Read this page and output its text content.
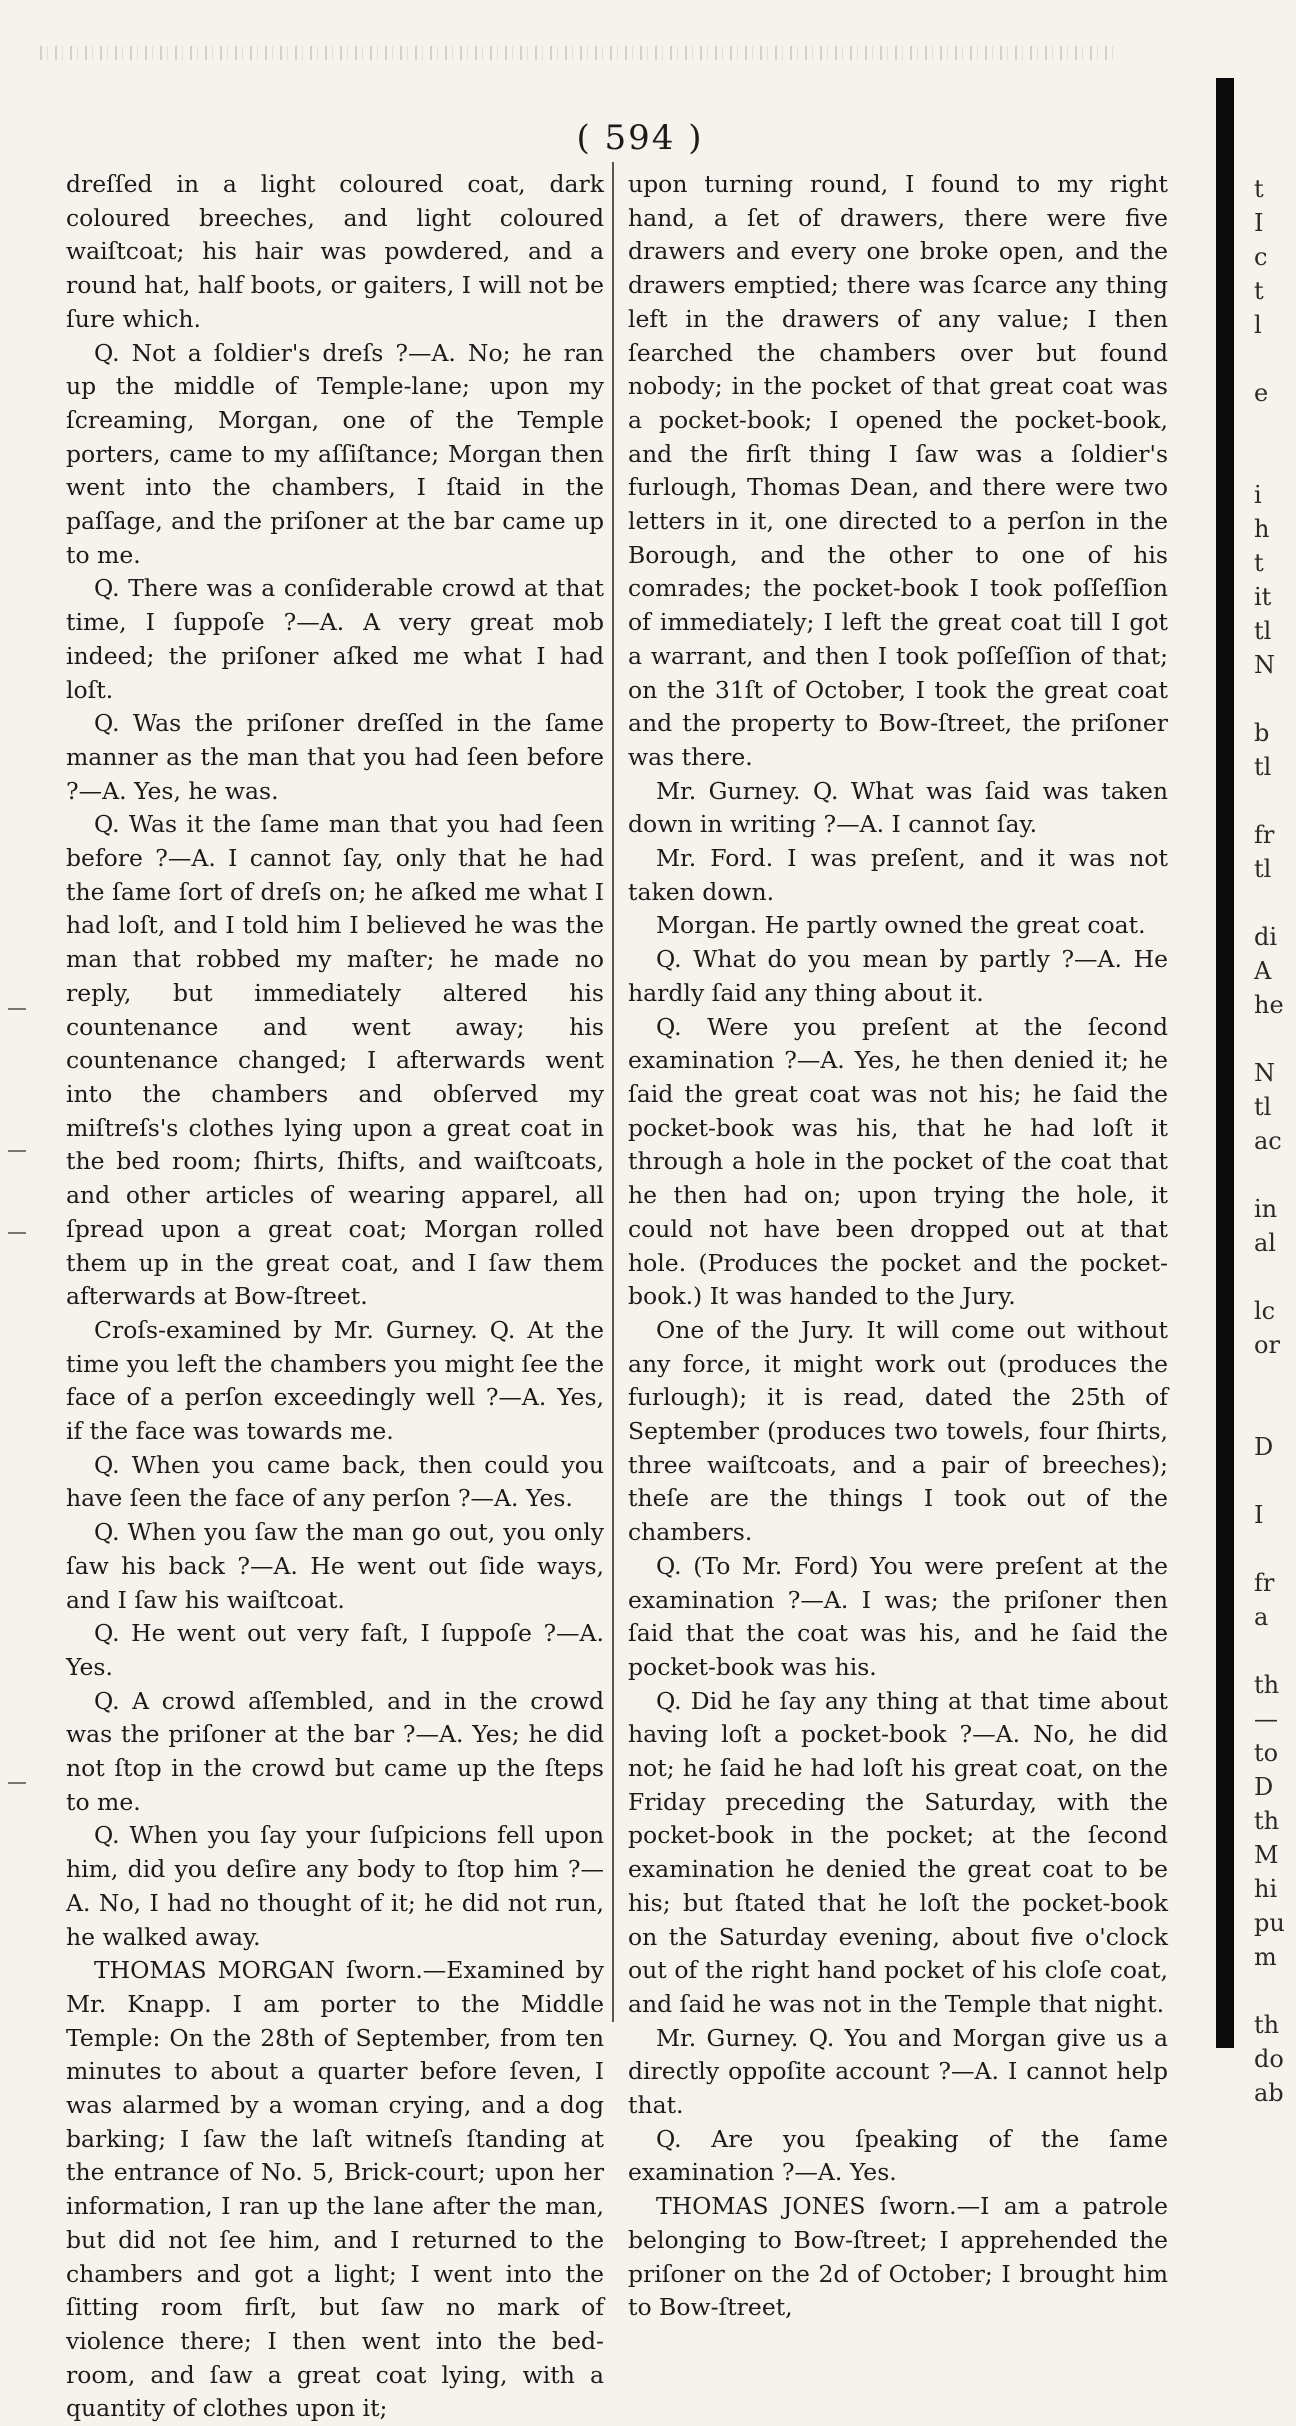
( 594 )

dreſſed in a light coloured coat, dark coloured breeches, and light coloured waiſtcoat; his hair was powdered, and a round hat, half boots, or gaiters, I will not be ſure which.

Q. Not a ſoldier's dreſs ?—A. No; he ran up the middle of Temple-lane; upon my ſcreaming, Morgan, one of the Temple porters, came to my aſſiſtance; Morgan then went into the chambers, I ſtaid in the paſſage, and the priſoner at the bar came up to me.

Q. There was a conſiderable crowd at that time, I ſuppoſe ?—A. A very great mob indeed; the priſoner aſked me what I had loſt.

Q. Was the priſoner dreſſed in the ſame manner as the man that you had ſeen before ?—A. Yes, he was.

Q. Was it the ſame man that you had ſeen before ?—A. I cannot ſay, only that he had the ſame ſort of dreſs on; he aſked me what I had loſt, and I told him I believed he was the man that robbed my maſter; he made no reply, but immediately altered his countenance and went away; his countenance changed; I afterwards went into the chambers and obſerved my miſtreſs's clothes lying upon a great coat in the bed room; ſhirts, ſhifts, and waiſtcoats, and other articles of wearing apparel, all ſpread upon a great coat; Morgan rolled them up in the great coat, and I ſaw them afterwards at Bow-ſtreet.

Croſs-examined by Mr. Gurney. Q. At the time you left the chambers you might ſee the face of a perſon exceedingly well ?—A. Yes, if the face was towards me.

Q. When you came back, then could you have ſeen the face of any perſon ?—A. Yes.

Q. When you ſaw the man go out, you only ſaw his back ?—A. He went out ſide ways, and I ſaw his waiſtcoat.

Q. He went out very faſt, I ſuppoſe ?—A. Yes.

Q. A crowd aſſembled, and in the crowd was the priſoner at the bar ?—A. Yes; he did not ſtop in the crowd but came up the ſteps to me.

Q. When you ſay your ſuſpicions fell upon him, did you deſire any body to ſtop him ?—A. No, I had no thought of it; he did not run, he walked away.

THOMAS MORGAN ſworn.—Examined by Mr. Knapp. I am porter to the Middle Temple: On the 28th of September, from ten minutes to about a quarter before ſeven, I was alarmed by a woman crying, and a dog barking; I ſaw the laſt witneſs ſtanding at the entrance of No. 5, Brick-court; upon her information, I ran up the lane after the man, but did not ſee him, and I returned to the chambers and got a light; I went into the ſitting room firſt, but ſaw no mark of violence there; I then went into the bed-room, and ſaw a great coat lying, with a quantity of clothes upon it;

upon turning round, I found to my right hand, a ſet of drawers, there were five drawers and every one broke open, and the drawers emptied; there was ſcarce any thing left in the drawers of any value; I then ſearched the chambers over but found nobody; in the pocket of that great coat was a pocket-book; I opened the pocket-book, and the firſt thing I ſaw was a ſoldier's furlough, Thomas Dean, and there were two letters in it, one directed to a perſon in the Borough, and the other to one of his comrades; the pocket-book I took poſſeſſion of immediately; I left the great coat till I got a warrant, and then I took poſſeſſion of that; on the 31ſt of October, I took the great coat and the property to Bow-ſtreet, the priſoner was there.

Mr. Gurney. Q. What was ſaid was taken down in writing ?—A. I cannot ſay.

Mr. Ford. I was preſent, and it was not taken down.

Morgan. He partly owned the great coat.

Q. What do you mean by partly ?—A. He hardly ſaid any thing about it.

Q. Were you preſent at the ſecond examination ?—A. Yes, he then denied it; he ſaid the great coat was not his; he ſaid the pocket-book was his, that he had loſt it through a hole in the pocket of the coat that he then had on; upon trying the hole, it could not have been dropped out at that hole. (Produces the pocket and the pocket-book.) It was handed to the Jury.

One of the Jury. It will come out without any force, it might work out (produces the furlough); it is read, dated the 25th of September (produces two towels, four ſhirts, three waiſtcoats, and a pair of breeches); theſe are the things I took out of the chambers.

Q. (To Mr. Ford) You were preſent at the examination ?—A. I was; the priſoner then ſaid that the coat was his, and he ſaid the pocket-book was his.

Q. Did he ſay any thing at that time about having loſt a pocket-book ?—A. No, he did not; he ſaid he had loſt his great coat, on the Friday preceding the Saturday, with the pocket-book in the pocket; at the ſecond examination he denied the great coat to be his; but ſtated that he loſt the pocket-book on the Saturday evening, about five o'clock out of the right hand pocket of his cloſe coat, and ſaid he was not in the Temple that night.

Mr. Gurney. Q. You and Morgan give us a directly oppoſite account ?—A. I cannot help that.

Q. Are you ſpeaking of the ſame examination ?—A. Yes.

THOMAS JONES ſworn.—I am a patrole belonging to Bow-ſtreet; I apprehended the priſoner on the 2d of October; I brought him to Bow-ſtreet,

t
I
c
t
l
e
i
h
t
it
tl
N
b
tl
fr
tl
di
A
he
N
tl
ac
in
al
lc
or
D
I
fr
a
th
—
to
D
th
M
hi
pu
m
th
do
ab
